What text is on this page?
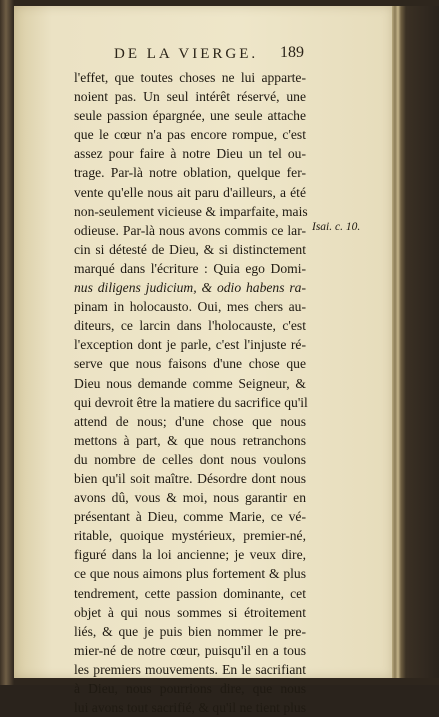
DE LA VIERGE.	189
l'effet, que toutes choses ne lui apparte-
noient pas. Un seul intérêt réservé, une
seule passion épargnée, une seule attache
que le cœur n'a pas encore rompue, c'est
assez pour faire à notre Dieu un tel ou-
trage. Par-là notre oblation, quelque fer-
vente qu'elle nous ait paru d'ailleurs, a été
non-seulement vicieuse & imparfaite, mais
odieuse. Par-là nous avons commis ce lar-
cin si détesté de Dieu, & si distinctement
marqué dans l'écriture : Quia ego Domi-
nus diligens judicium, & odio habens ra-
pinam in holocausto. Oui, mes chers au-
diteurs, ce larcin dans l'holocauste, c'est
l'exception dont je parle, c'est l'injuste ré-
serve que nous faisons d'une chose que
Dieu nous demande comme Seigneur, &
qui devroit être la matiere du sacrifice qu'il
attend de nous; d'une chose que nous
mettons à part, & que nous retranchons
du nombre de celles dont nous voulons
bien qu'il soit maître. Désordre dont nous
avons dû, vous & moi, nous garantir en
présentant à Dieu, comme Marie, ce vé-
ritable, quoique mystérieux, premier-né,
figuré dans la loi ancienne; je veux dire,
ce que nous aimons plus fortement & plus
tendrement, cette passion dominante, cet
objet à qui nous sommes si étroitement
liés, & que je puis bien nommer le pre-
mier-né de notre cœur, puisqu'il en a tous
les premiers mouvements. En le sacrifiant
à Dieu, nous pourrions dire, que nous
lui avons tout sacrifié, & qu'il ne tient plus
Isai. c. 10.
